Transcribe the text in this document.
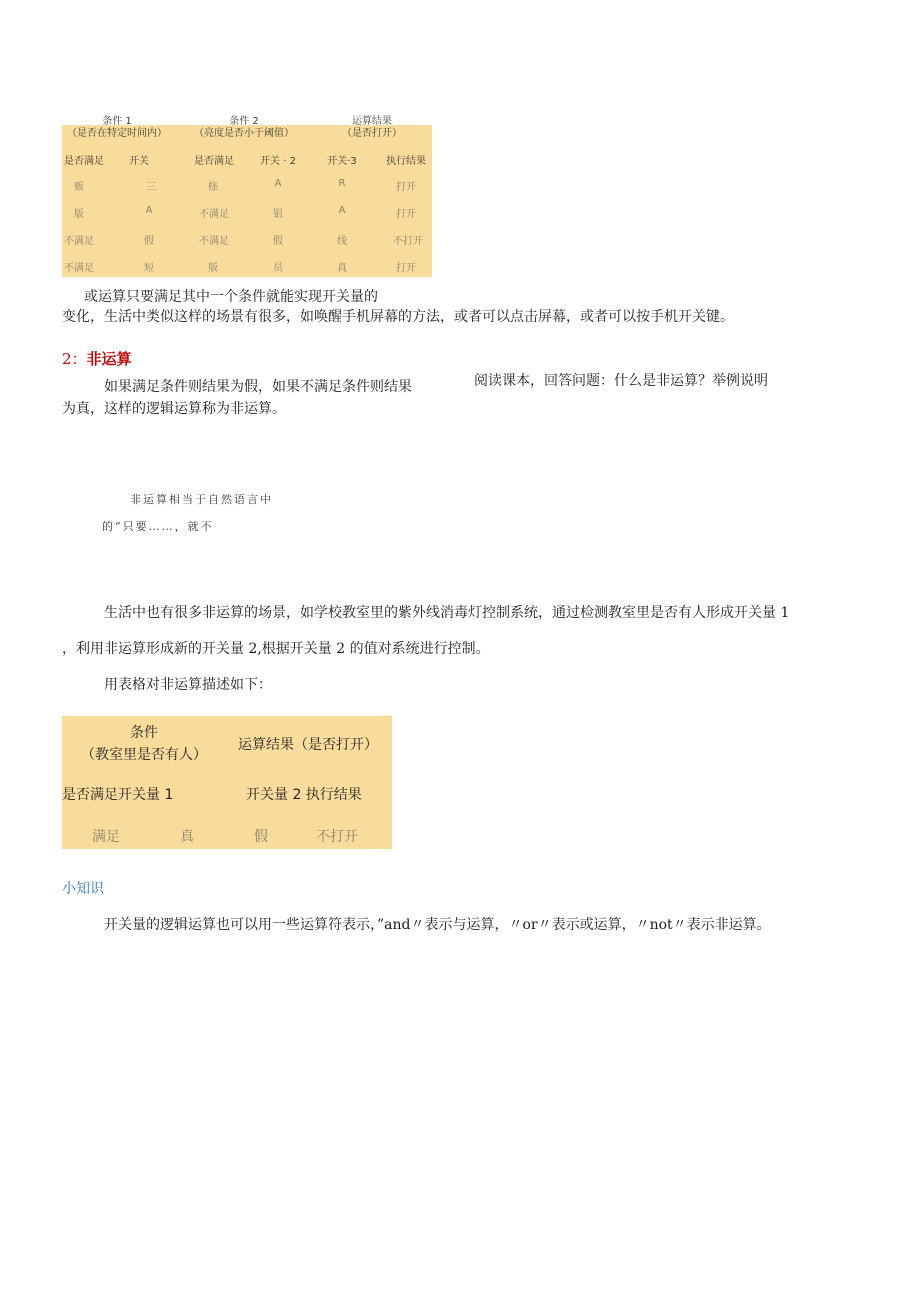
条件 1
（是否在特定时间内）
条件 2
（亮度是否小于阈值）
运算结果
（是否打开）
是否满足	开关	是否满足	开关 · 2	开关·3	执行结果
贩	三	榇	A	R	打开
版	A	不满足	银	A	打开
不满足	假	不满足	假	线	不打开
不满足	短	版	员	真	打开
或运算只要满足其中一个条件就能实现开关量的
变化，生活中类似这样的场景有很多，如唤醒手机屏幕的方法，或者可以点击屏幕，或者可以按手机开关键。
2：非运算
如果满足条件则结果为假，如果不满足条件则结果
为真，这样的逻辑运算称为非运算。
阅读课本，回答问题：什么是非运算？举例说明
非运算相当于自然语言中
的“只要……，就不
生活中也有很多非运算的场景，如学校教室里的紫外线消毒灯控制系统，通过检测教室里是否有人形成开关量 1
，利用非运算形成新的开关量 2,根据开关量 2 的值对系统进行控制。
用表格对非运算描述如下：
条件
（教室里是否有人）
运算结果（是否打开）
是否满足开关量 1	开关量 2 执行结果
满足	真	假	不打开
小知识
开关量的逻辑运算也可以用一些运算符表示，”and〃表示与运算，〃or〃表示或运算，〃not〃表示非运算。
